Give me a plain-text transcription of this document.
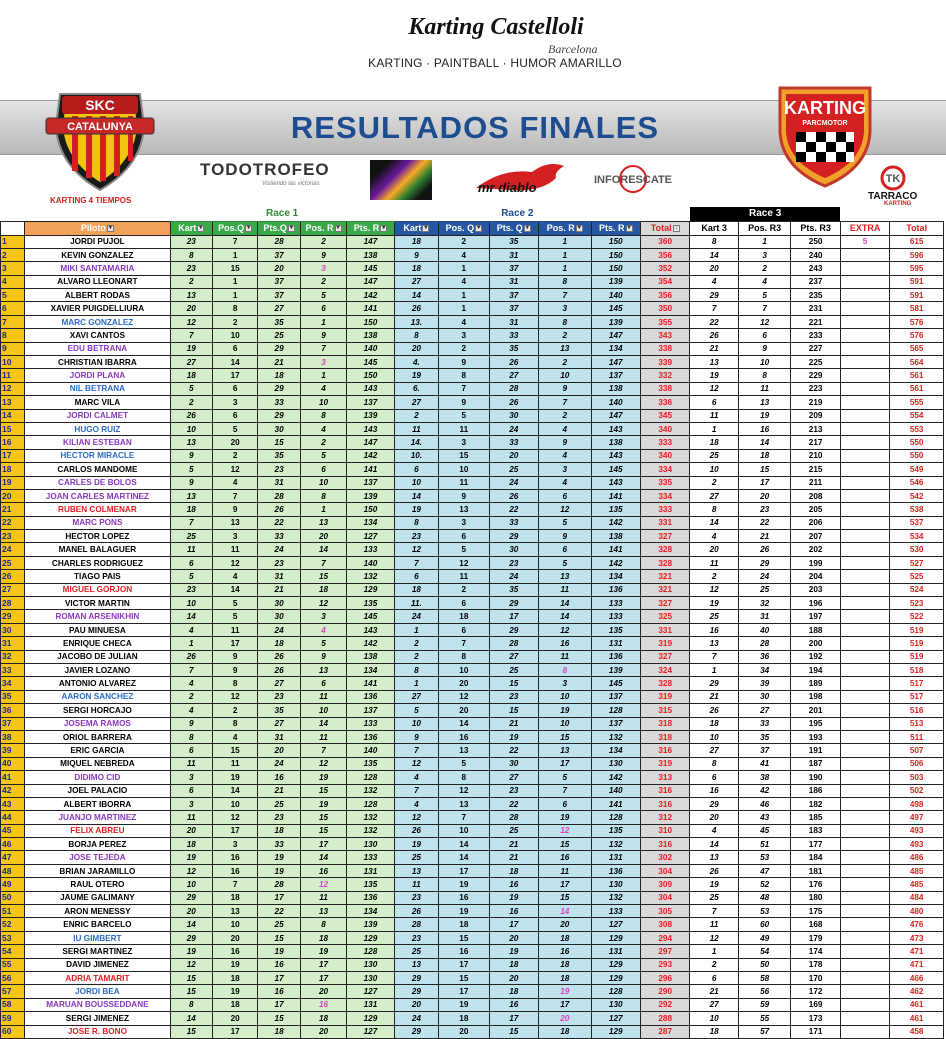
Karting Castelloli
Barcelona
KARTING · PAINTBALL · HUMOR AMARILLO
RESULTADOS FINALES
SKC
CATALUNYA
KARTING 4 TIEMPOS
KARTING
PARCMOTOR
TODOTROFEO
Vistiendo las victorias	mr diablo	INFORESCATE	TK
TARRACO
KARTING
		Race 1					Race 2						Race 3				
	Piloto ▾	Kart ▾	Pos.Q ▾	Pts.Q ▾	Pos. R ▾	Pts. R ▾	Kart ▾	Pos. Q ▾	Pts. Q ▾	Pos. R ▾	Pts. R ▾	Total ↓	Kart 3	Pos. R3	Pts. R3	EXTRA	Total
1	JORDI PUJOL	23	7	28	2	147	18	2	35	1	150	360	8	1	250	5	615
2	KEVIN GONZALEZ	8	1	37	9	138	9	4	31	1	150	356	14	3	240		596
3	MIKI SANTAMARIA	23	15	20	3	145	18	1	37	1	150	352	20	2	243		595
4	ALVARO LLEONART	2	1	37	2	147	27	4	31	8	139	354	4	4	237		591
5	ALBERT RODAS	13	1	37	5	142	14	1	37	7	140	356	29	5	235		591
6	XAVIER PUIGDELLIURA	20	8	27	6	141	26	1	37	3	145	350	7	7	231		581
7	MARC GONZALEZ	12	2	35	1	150	13.	4	31	8	139	355	22	12	221		576
8	XAVI CANTOS	7	10	25	9	138	8	3	33	2	147	343	26	6	233		576
9	EDU BETRANA	19	6	29	7	140	20	2	35	13	134	338	21	9	227		565
10	CHRISTIAN IBARRA	27	14	21	3	145	4.	9	26	2	147	339	13	10	225		564
11	JORDI PLANA	18	17	18	1	150	19	8	27	10	137	332	19	8	229		561
12	NIL BETRANA	5	6	29	4	143	6.	7	28	9	138	338	12	11	223		561
13	MARC VILA	2	3	33	10	137	27	9	26	7	140	336	6	13	219		555
14	JORDI CALMET	26	6	29	8	139	2	5	30	2	147	345	11	19	209		554
15	HUGO RUIZ	10	5	30	4	143	11	11	24	4	143	340	1	16	213		553
16	KILIAN ESTEBAN	13	20	15	2	147	14.	3	33	9	138	333	18	14	217		550
17	HECTOR MIRACLE	9	2	35	5	142	10.	15	20	4	143	340	25	18	210		550
18	CARLOS MANDOME	5	12	23	6	141	6	10	25	3	145	334	10	15	215		549
19	CARLES DE BOLOS	9	4	31	10	137	10	11	24	4	143	335	2	17	211		546
20	JOAN CARLES MARTINEZ	13	7	28	8	139	14	9	26	6	141	334	27	20	208		542
21	RUBEN COLMENAR	18	9	26	1	150	19	13	22	12	135	333	8	23	205		538
22	MARC PONS	7	13	22	13	134	8	3	33	5	142	331	14	22	206		537
23	HECTOR LOPEZ	25	3	33	20	127	23	6	29	9	138	327	4	21	207		534
24	MANEL BALAGUER	11	11	24	14	133	12	5	30	6	141	328	20	26	202		530
25	CHARLES RODRIGUEZ	6	12	23	7	140	7	12	23	5	142	328	11	29	199		527
26	TIAGO PAIS	5	4	31	15	132	6	11	24	13	134	321	2	24	204		525
27	MIGUEL GORJON	23	14	21	18	129	18	2	35	11	136	321	12	25	203		524
28	VICTOR MARTIN	10	5	30	12	135	11.	6	29	14	133	327	19	32	196		523
29	ROMAN ARSENIKHIN	14	5	30	3	145	24	18	17	14	133	325	25	31	197		522
30	PAU MINUESA	4	11	24	4	143	1	6	29	12	135	331	16	40	188		519
31	ENRIQUE CHECA	1	17	18	5	142	2	7	28	16	131	319	13	28	200		519
32	JACOBO DE JULIAN	26	9	26	9	138	2	8	27	11	136	327	7	36	192		519
33	JAVIER LOZANO	7	9	26	13	134	8	10	25	8	139	324	1	34	194		518
34	ANTONIO ALVAREZ	4	8	27	6	141	1	20	15	3	145	328	29	39	189		517
35	AARON SANCHEZ	2	12	23	11	136	27	12	23	10	137	319	21	30	198		517
36	SERGI HORCAJO	4	2	35	10	137	5	20	15	19	128	315	26	27	201		516
37	JOSEMA RAMOS	9	8	27	14	133	10	14	21	10	137	318	18	33	195		513
38	ORIOL BARRERA	8	4	31	11	136	9	16	19	15	132	318	10	35	193		511
39	ERIC GARCIA	6	15	20	7	140	7	13	22	13	134	316	27	37	191		507
40	MIQUEL NEBREDA	11	11	24	12	135	12	5	30	17	130	319	8	41	187		506
41	DIDIMO CID	3	19	16	19	128	4	8	27	5	142	313	6	38	190		503
42	JOEL PALACIO	6	14	21	15	132	7	12	23	7	140	316	16	42	186		502
43	ALBERT IBORRA	3	10	25	19	128	4	13	22	6	141	316	29	46	182		498
44	JUANJO MARTINEZ	11	12	23	15	132	12	7	28	19	128	312	20	43	185		497
45	FELIX ABREU	20	17	18	15	132	26	10	25	12	135	310	4	45	183		493
46	BORJA PEREZ	18	3	33	17	130	19	14	21	15	132	316	14	51	177		493
47	JOSE TEJEDA	19	16	19	14	133	25	14	21	16	131	302	13	53	184		486
48	BRIAN JARAMILLO	12	16	19	16	131	13	17	18	11	136	304	26	47	181		485
49	RAUL OTERO	10	7	28	12	135	11	19	16	17	130	309	19	52	176		485
50	JAUME GALIMANY	29	18	17	11	136	23	16	19	15	132	304	25	48	180		484
51	ARON MENESSY	20	13	22	13	134	26	19	16	14	133	305	7	53	175		480
52	ENRIC BARCELO	14	10	25	8	139	28	18	17	20	127	308	11	60	168		476
53	IU GIMBERT	29	20	15	18	129	23	15	20	18	129	294	12	49	179		473
54	SERGI MARTINEZ	19	16	19	19	128	25	16	19	16	131	297	1	54	174		471
55	DAVID JIMENEZ	12	19	16	17	130	13	17	18	18	129	293	2	50	178		471
56	ADRIA TAMARIT	15	18	17	17	130	29	15	20	18	129	296	6	58	170		466
57	JORDI BEA	15	19	16	20	127	29	17	18	19	128	290	21	56	172		462
58	MARUAN BOUSSEDDANE	8	18	17	16	131	20	19	16	17	130	292	27	59	169		461
59	SERGI JIMENEZ	14	20	15	18	129	24	18	17	20	127	288	10	55	173		461
60	JOSE R. BONO	15	17	18	20	127	29	20	15	18	129	287	18	57	171		458
